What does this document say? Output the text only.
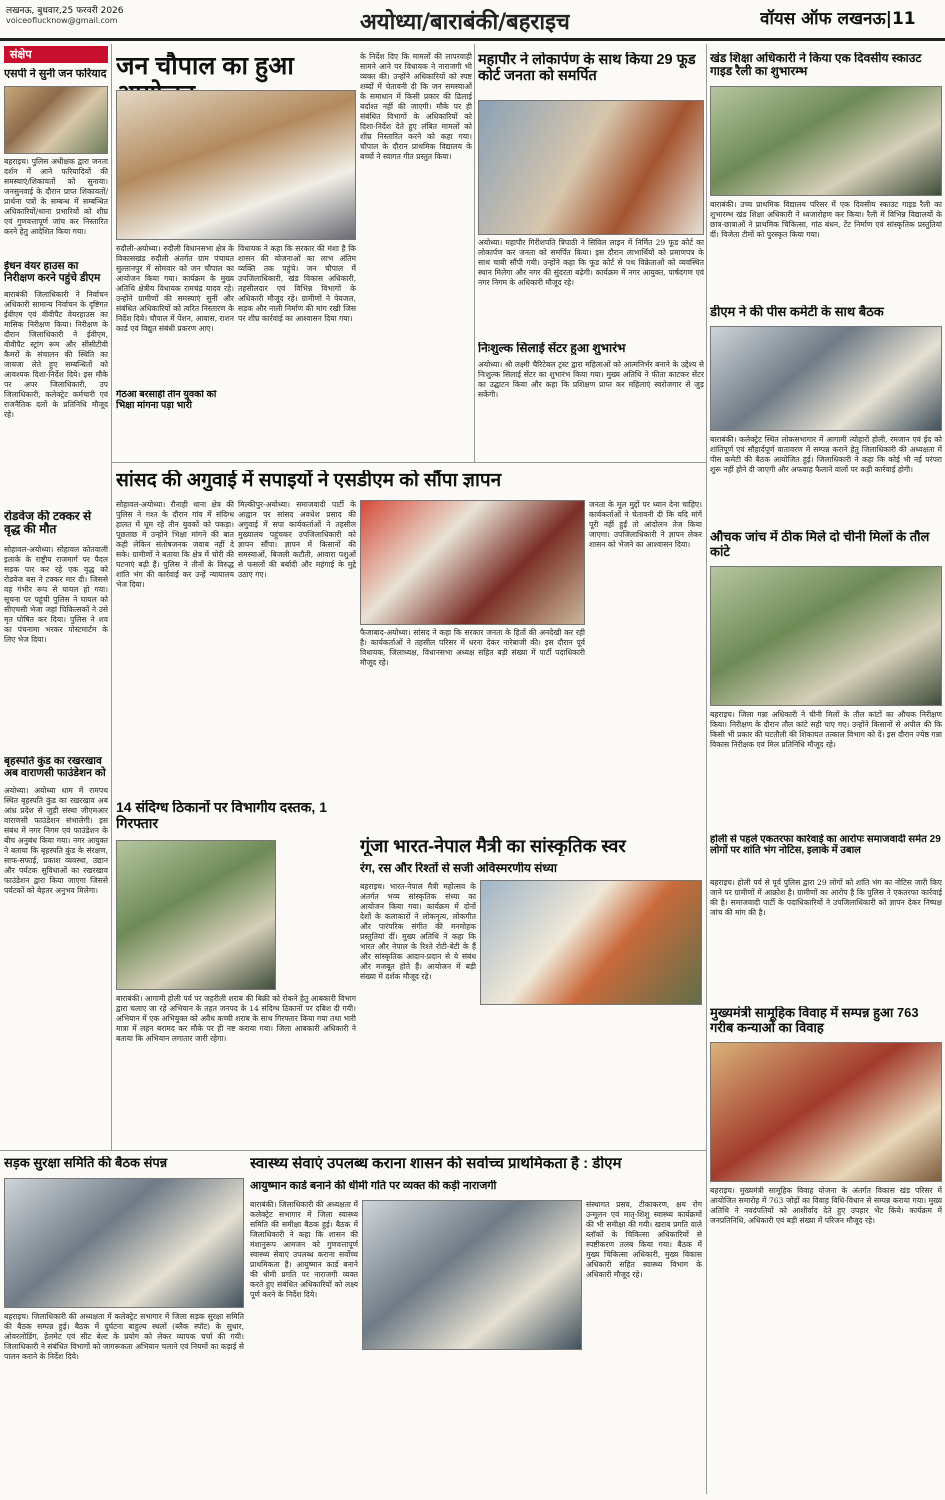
लखनऊ, बुधवार,25 फरवरी 2026
voiceoflucknow@gmail.com	अयोध्या/बाराबंकी/बहराइच	वॉयस ऑफ लखनऊ|11
संक्षेप
एसपी ने सुनी जन फरियाद
बहराइच। पुलिस अधीक्षक द्वारा जनता दर्शन में आने फरियादियों की समस्याएं/शिकायतों को सुनाया। जनसुनवाई के दौरान प्राप्त शिकायतों/प्रार्थना पत्रों के सम्बन्ध में सम्बन्धित अधिकारियों/थाना प्रभारियों को शीघ्र एवं गुणवत्तापूर्ण जांच कर निस्तारित करने हेतु आदेशित किया गया।
ईंधन वेयर हाउस का निरीक्षण करने पहुंचे डीएम
बाराबंकी जिलाधिकारी ने निर्वाचन अधिकारी सामान्य निर्वाचन के दृष्टिगत ईवीएम एवं वीवीपैट वेयरहाउस का मासिक निरीक्षण किया। निरीक्षण के दौरान जिलाधिकारी ने ईवीएम, वीवीपैट स्ट्रांग रूम और सीसीटीवी कैमरों के संचालन की स्थिति का जायजा लेते हुए सम्बन्धितों को आवश्यक दिशा-निर्देश दिये। इस मौके पर अपर जिलाधिकारी, उप जिलाधिकारी, कलेक्ट्रेट कर्मचारी एवं राजनैतिक दलों के प्रतिनिधि मौजूद रहे।
रोडवेज की टक्कर से वृद्ध की मौत
सोहावल-अयोध्या। सोहावल कोतवाली इलाके के राष्ट्रीय राजमार्ग पर पैदल सड़क पार कर रहे एक वृद्ध को रोडवेज बस ने टक्कर मार दी। जिससे वह गंभीर रूप से घायल हो गया। सूचना पर पहुंची पुलिस ने घायल को सीएचसी भेजा जहां चिकित्सकों ने उसे मृत घोषित कर दिया। पुलिस ने शव का पंचनामा भरकर पोस्टमार्टम के लिए भेज दिया।
बृहस्पति कुंड का रखरखाव अब वाराणसी फाउंडेशन को
अयोध्या। अयोध्या धाम में रामपथ स्थित बृहस्पति कुंड का रखरखाव अब आंध्र प्रदेश से जुड़ी संस्था जीएमआर वाराणसी फाउंडेशन संभालेगी। इस संबंध में नगर निगम एवं फाउंडेशन के बीच अनुबंध किया गया। नगर आयुक्त ने बताया कि बृहस्पति कुंड के संरक्षण, साफ-सफाई, प्रकाश व्यवस्था, उद्यान और पर्यटक सुविधाओं का रखरखाव फाउंडेशन द्वारा किया जाएगा जिससे पर्यटकों को बेहतर अनुभव मिलेगा।
जन चौपाल का हुआ
रुदौली-अयोध्या। रुदौली विधानसभा क्षेत्र के विकासखंड रुदौली अंतर्गत ग्राम पंचायत सुल्तानपुर में सोमवार को जन चौपाल का आयोजन किया गया। कार्यक्रम के मुख्य अतिथि क्षेत्रीय विधायक रामचंद्र यादव रहे। उन्होंने ग्रामीणों की समस्याएं सुनीं और संबंधित अधिकारियों को त्वरित निस्तारण के निर्देश दिये। चौपाल में पेंशन, आवास, राशन कार्ड एवं विद्युत संबंधी प्रकरण आए।
विधायक ने कहा कि सरकार की मंशा है कि शासन की योजनाओं का लाभ अंतिम व्यक्ति तक पहुंचे। जन चौपाल में उपजिलाधिकारी, खंड विकास अधिकारी, तहसीलदार एवं विभिन्न विभागों के अधिकारी मौजूद रहे। ग्रामीणों ने पेयजल, सड़क और नाली निर्माण की मांग रखी जिस पर शीघ्र कार्रवाई का आश्वासन दिया गया।
के निर्देश दिए कि मामलों की लापरवाही सामने आने पर विधायक ने नाराजगी भी व्यक्त की। उन्होंने अधिकारियों को स्पष्ट शब्दों में चेतावनी दी कि जन समस्याओं के समाधान में किसी प्रकार की ढिलाई बर्दाश्त नहीं की जाएगी। मौके पर ही संबंधित विभागों के अधिकारियों को दिशा-निर्देश देते हुए लंबित मामलों को शीघ्र निस्तारित करने को कहा गया। चौपाल के दौरान प्राथमिक विद्यालय के बच्चों ने स्वागत गीत प्रस्तुत किया।
गेंठआ बरसाही तीन युवकों को भिक्षा मांगना पड़ा भारी
महापौर ने लोकार्पण के साथ किया 29 फूड कोर्ट जनता को समर्पित
अयोध्या। महापौर गिरीशपति त्रिपाठी ने सिविल लाइन में निर्मित 29 फूड कोर्ट का लोकार्पण कर जनता को समर्पित किया। इस दौरान लाभार्थियों को प्रमाणपत्र के साथ चाबी सौंपी गयी। उन्होंने कहा कि फूड कोर्ट से पथ विक्रेताओं को व्यवस्थित स्थान मिलेगा और नगर की सुंदरता बढ़ेगी। कार्यक्रम में नगर आयुक्त, पार्षदगण एवं नगर निगम के अधिकारी मौजूद रहे।
निःशुल्क सिलाई सेंटर हुआ शुभारंभ
अयोध्या। श्री लक्ष्मी चैरिटेबल ट्रस्ट द्वारा महिलाओं को आत्मनिर्भर बनाने के उद्देश्य से निःशुल्क सिलाई सेंटर का शुभारंभ किया गया। मुख्य अतिथि ने फीता काटकर सेंटर का उद्घाटन किया और कहा कि प्रशिक्षण प्राप्त कर महिलाएं स्वरोजगार से जुड़ सकेंगी।
सांसद की अगुवाई में सपाइयों ने एसडीएम को सौंपा ज्ञापन
सोहावल-अयोध्या। रौनाही थाना क्षेत्र की पुलिस ने गश्त के दौरान गांव में संदिग्ध हालत में घूम रहे तीन युवकों को पकड़ा। पूछताछ में उन्होंने भिक्षा मांगने की बात कही लेकिन संतोषजनक जवाब नहीं दे सके। ग्रामीणों ने बताया कि क्षेत्र में चोरी की घटनाएं बढ़ी हैं। पुलिस ने तीनों के विरुद्ध शांति भंग की कार्रवाई कर उन्हें न्यायालय भेज दिया।
मिल्कीपुर-अयोध्या। समाजवादी पार्टी के आह्वान पर सांसद अवधेश प्रसाद की अगुवाई में सपा कार्यकर्ताओं ने तहसील मुख्यालय पहुंचकर उपजिलाधिकारी को ज्ञापन सौंपा। ज्ञापन में किसानों की समस्याओं, बिजली कटौती, आवारा पशुओं से फसलों की बर्बादी और महंगाई के मुद्दे उठाए गए।
फैजाबाद-अयोध्या। सांसद ने कहा कि सरकार जनता के हितों की अनदेखी कर रही है। कार्यकर्ताओं ने तहसील परिसर में धरना देकर नारेबाजी की। इस दौरान पूर्व विधायक, जिलाध्यक्ष, विधानसभा अध्यक्ष सहित बड़ी संख्या में पार्टी पदाधिकारी मौजूद रहे।
जनता के मूल मुद्दों पर ध्यान देना चाहिए। कार्यकर्ताओं ने चेतावनी दी कि यदि मांगें पूरी नहीं हुईं तो आंदोलन तेज किया जाएगा। उपजिलाधिकारी ने ज्ञापन लेकर शासन को भेजने का आश्वासन दिया।
14 संदिग्ध ठिकानों पर विभागीय दस्तक, 1 गिरफ्तार
बाराबंकी। आगामी होली पर्व पर जहरीली शराब की बिक्री को रोकने हेतु आबकारी विभाग द्वारा चलाए जा रहे अभियान के तहत जनपद के 14 संदिग्ध ठिकानों पर दबिश दी गयी। अभियान में एक अभियुक्त को अवैध कच्ची शराब के साथ गिरफ्तार किया गया तथा भारी मात्रा में लहन बरामद कर मौके पर ही नष्ट कराया गया। जिला आबकारी अधिकारी ने बताया कि अभियान लगातार जारी रहेगा।
गूंजा भारत-नेपाल मैत्री का सांस्कृतिक स्वर
रंग, रस और रिश्तों से सजी अविस्मरणीय संध्या
बहराइच। भारत-नेपाल मैत्री महोत्सव के अंतर्गत भव्य सांस्कृतिक संध्या का आयोजन किया गया। कार्यक्रम में दोनों देशों के कलाकारों ने लोकनृत्य, लोकगीत और पारंपरिक संगीत की मनमोहक प्रस्तुतियां दीं। मुख्य अतिथि ने कहा कि भारत और नेपाल के रिश्ते रोटी-बेटी के हैं और सांस्कृतिक आदान-प्रदान से ये संबंध और मजबूत होते हैं। आयोजन में बड़ी संख्या में दर्शक मौजूद रहे।
सड़क सुरक्षा समिति की बैठक संपन्न
बहराइच। जिलाधिकारी की अध्यक्षता में कलेक्ट्रेट सभागार में जिला सड़क सुरक्षा समिति की बैठक सम्पन्न हुई। बैठक में दुर्घटना बाहुल्य स्थलों (ब्लैक स्पॉट) के सुधार, ओवरलोडिंग, हेलमेट एवं सीट बेल्ट के प्रयोग को लेकर व्यापक चर्चा की गयी। जिलाधिकारी ने संबंधित विभागों को जागरूकता अभियान चलाने एवं नियमों का कड़ाई से पालन कराने के निर्देश दिये।
स्वास्थ्य सेवाएं उपलब्ध कराना शासन की सर्वोच्च प्राथमिकता है : डीएम
आयुष्मान कार्ड बनाने की धीमी गति पर व्यक्त की कड़ी नाराजगी
बाराबंकी। जिलाधिकारी की अध्यक्षता में कलेक्ट्रेट सभागार में जिला स्वास्थ्य समिति की समीक्षा बैठक हुई। बैठक में जिलाधिकारी ने कहा कि शासन की मंशानुरूप आमजन को गुणवत्तापूर्ण स्वास्थ्य सेवाएं उपलब्ध कराना सर्वोच्च प्राथमिकता है। आयुष्मान कार्ड बनाने की धीमी प्रगति पर नाराजगी व्यक्त करते हुए संबंधित अधिकारियों को लक्ष्य पूर्ण करने के निर्देश दिये।
संस्थागत प्रसव, टीकाकरण, क्षय रोग उन्मूलन एवं मातृ-शिशु स्वास्थ्य कार्यक्रमों की भी समीक्षा की गयी। खराब प्रगति वाले ब्लॉकों के चिकित्सा अधिकारियों से स्पष्टीकरण तलब किया गया। बैठक में मुख्य चिकित्सा अधिकारी, मुख्य विकास अधिकारी सहित स्वास्थ्य विभाग के अधिकारी मौजूद रहे।
खंड शिक्षा अधिकारी ने किया एक दिवसीय स्काउट गाइड रैली का शुभारम्भ
बाराबंकी। उच्च प्राथमिक विद्यालय परिसर में एक दिवसीय स्काउट गाइड रैली का शुभारम्भ खंड शिक्षा अधिकारी ने ध्वजारोहण कर किया। रैली में विभिन्न विद्यालयों के छात्र-छात्राओं ने प्राथमिक चिकित्सा, गांठ बंधन, टेंट निर्माण एवं सांस्कृतिक प्रस्तुतियां दीं। विजेता टीमों को पुरस्कृत किया गया।
डीएम ने की पीस कमेटी के साथ बैठक
बाराबंकी। कलेक्ट्रेट स्थित लोकसभागार में आगामी त्योहारों होली, रमजान एवं ईद को शांतिपूर्ण एवं सौहार्दपूर्ण वातावरण में सम्पन्न कराने हेतु जिलाधिकारी की अध्यक्षता में पीस कमेटी की बैठक आयोजित हुई। जिलाधिकारी ने कहा कि कोई भी नई परंपरा शुरू नहीं होने दी जाएगी और अफवाह फैलाने वालों पर कड़ी कार्रवाई होगी।
औचक जांच में ठीक मिले दो चीनी मिलों के तौल कांटे
बहराइच। जिला गन्ना अधिकारी ने चीनी मिलों के तौल कांटों का औचक निरीक्षण किया। निरीक्षण के दौरान तौल कांटे सही पाए गए। उन्होंने किसानों से अपील की कि किसी भी प्रकार की घटतौली की शिकायत तत्काल विभाग को दें। इस दौरान ज्येष्ठ गन्ना विकास निरीक्षक एवं मिल प्रतिनिधि मौजूद रहे।
होली से पहले एकतरफा कार्रवाई का आरोपः समाजवादी समेत 29 लोगों पर शांति भंग नोटिस, इलाके में उबाल
बहराइच। होली पर्व से पूर्व पुलिस द्वारा 29 लोगों को शांति भंग का नोटिस जारी किए जाने पर ग्रामीणों में आक्रोश है। ग्रामीणों का आरोप है कि पुलिस ने एकतरफा कार्रवाई की है। समाजवादी पार्टी के पदाधिकारियों ने उपजिलाधिकारी को ज्ञापन देकर निष्पक्ष जांच की मांग की है।
मुख्यमंत्री सामूहिक विवाह में सम्पन्न हुआ 763 गरीब कन्याओं का विवाह
बहराइच। मुख्यमंत्री सामूहिक विवाह योजना के अंतर्गत विकास खंड परिसर में आयोजित समारोह में 763 जोड़ों का विवाह विधि-विधान से सम्पन्न कराया गया। मुख्य अतिथि ने नवदंपतियों को आशीर्वाद देते हुए उपहार भेंट किये। कार्यक्रम में जनप्रतिनिधि, अधिकारी एवं बड़ी संख्या में परिजन मौजूद रहे।
